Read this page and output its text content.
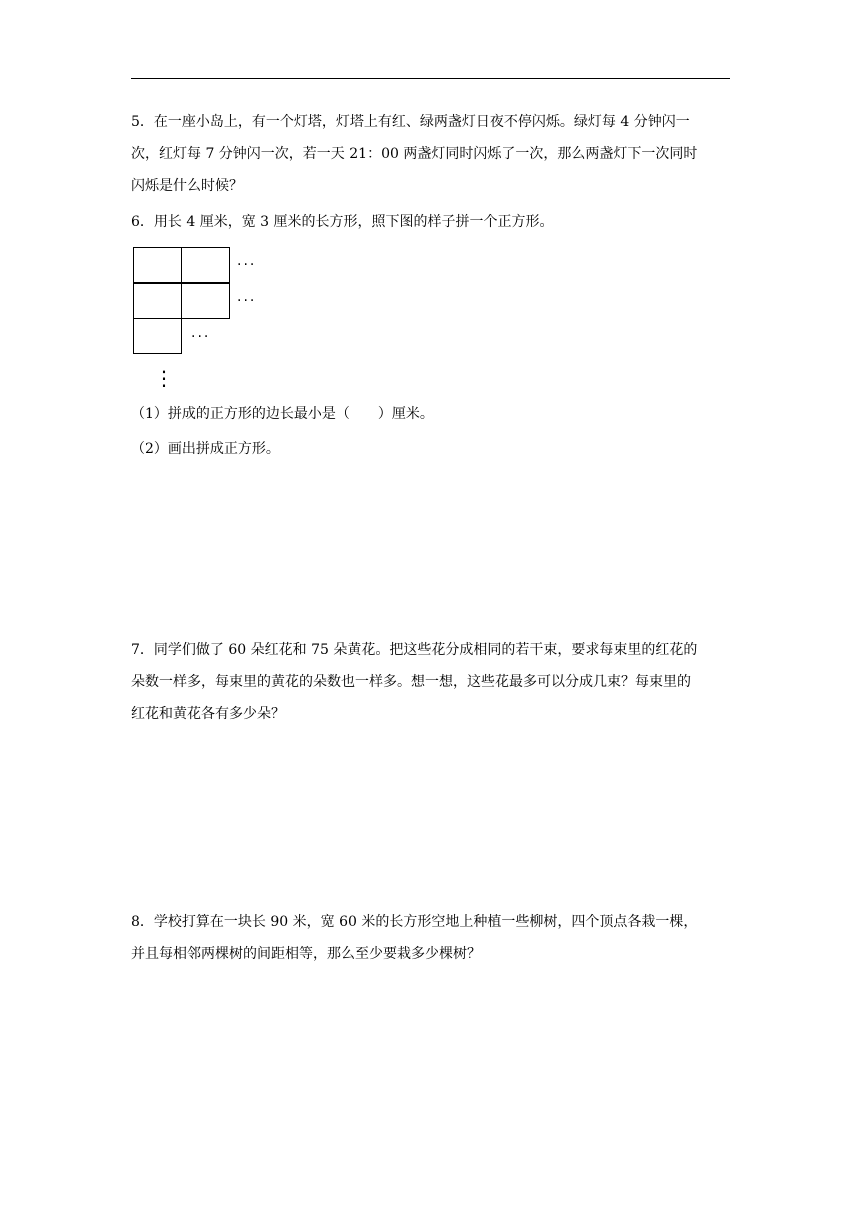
5．在一座小岛上，有一个灯塔，灯塔上有红、绿两盏灯日夜不停闪烁。绿灯每 4 分钟闪一
次，红灯每 7 分钟闪一次，若一天 21：00 两盏灯同时闪烁了一次，那么两盏灯下一次同时
闪烁是什么时候？
6．用长 4 厘米，宽 3 厘米的长方形，照下图的样子拼一个正方形。
···
···
···
⋮
（1）拼成的正方形的边长最小是（　　）厘米。
（2）画出拼成正方形。
7．同学们做了 60 朵红花和 75 朵黄花。把这些花分成相同的若干束，要求每束里的红花的
朵数一样多，每束里的黄花的朵数也一样多。想一想，这些花最多可以分成几束？每束里的
红花和黄花各有多少朵？
8．学校打算在一块长 90 米，宽 60 米的长方形空地上种植一些柳树，四个顶点各栽一棵，
并且每相邻两棵树的间距相等，那么至少要栽多少棵树？
